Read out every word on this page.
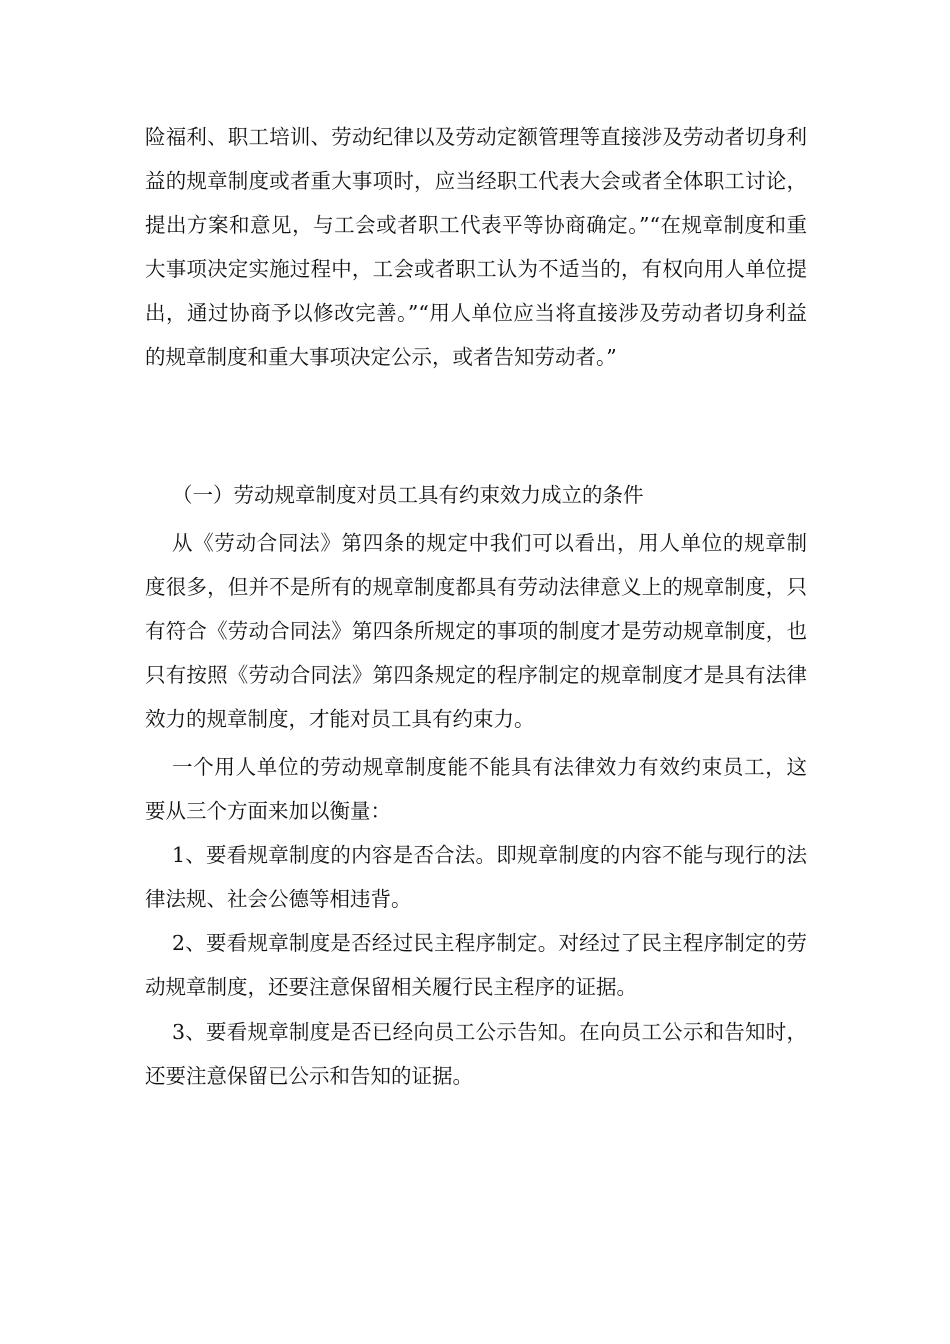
险福利、职工培训、劳动纪律以及劳动定额管理等直接涉及劳动者切身利益的规章制度或者重大事项时，应当经职工代表大会或者全体职工讨论，提出方案和意见，与工会或者职工代表平等协商确定。”“在规章制度和重大事项决定实施过程中，工会或者职工认为不适当的，有权向用人单位提出，通过协商予以修改完善。”“用人单位应当将直接涉及劳动者切身利益的规章制度和重大事项决定公示，或者告知劳动者。”

（一）劳动规章制度对员工具有约束效力成立的条件

从《劳动合同法》第四条的规定中我们可以看出，用人单位的规章制度很多，但并不是所有的规章制度都具有劳动法律意义上的规章制度，只有符合《劳动合同法》第四条所规定的事项的制度才是劳动规章制度，也只有按照《劳动合同法》第四条规定的程序制定的规章制度才是具有法律效力的规章制度，才能对员工具有约束力。

一个用人单位的劳动规章制度能不能具有法律效力有效约束员工，这要从三个方面来加以衡量：

1、要看规章制度的内容是否合法。即规章制度的内容不能与现行的法律法规、社会公德等相违背。

2、要看规章制度是否经过民主程序制定。对经过了民主程序制定的劳动规章制度，还要注意保留相关履行民主程序的证据。

3、要看规章制度是否已经向员工公示告知。在向员工公示和告知时，还要注意保留已公示和告知的证据。
